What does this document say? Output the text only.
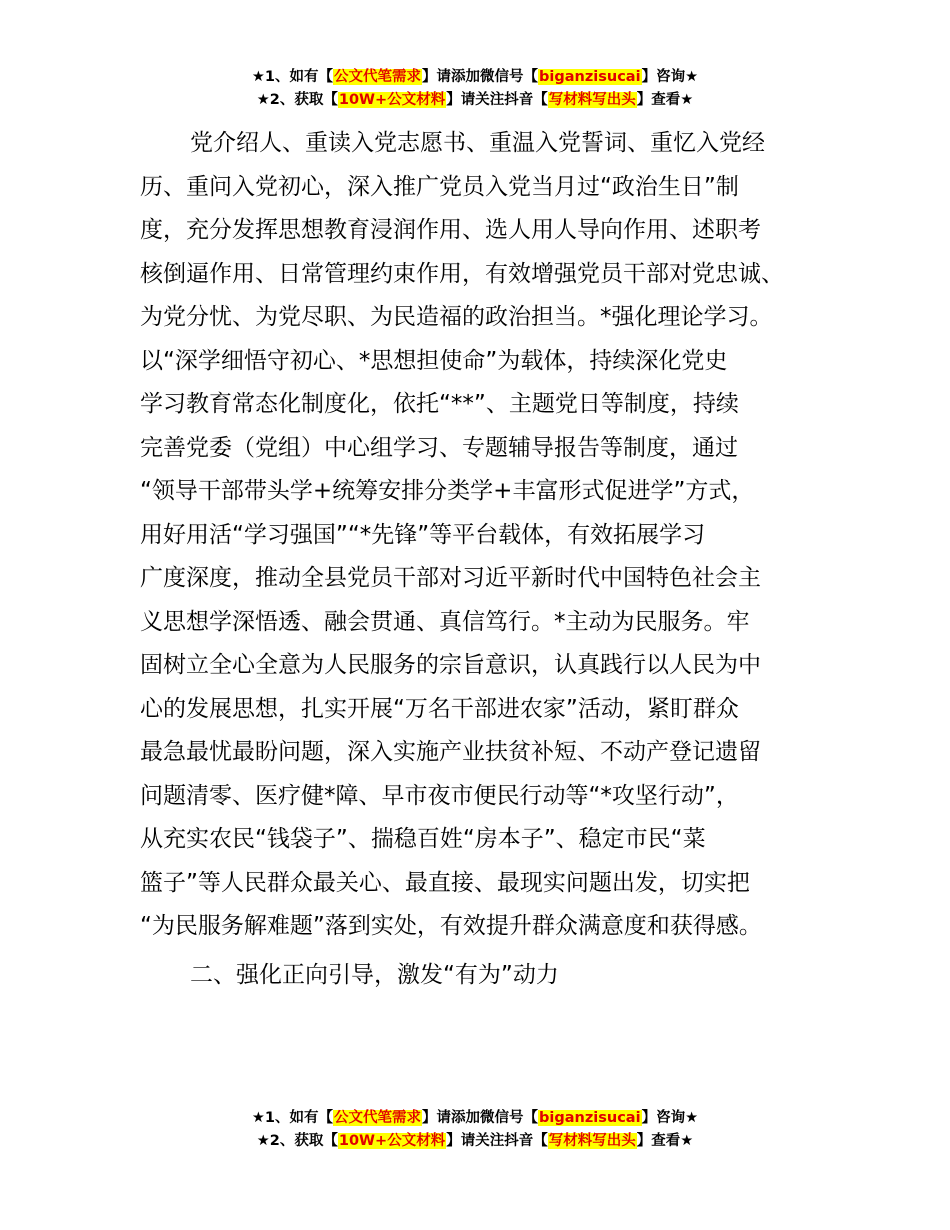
★1、如有【公文代笔需求】请添加微信号【biganzisucai】咨询★
★2、获取【10W+公文材料】请关注抖音【写材料写出头】查看★
党介绍人、重读入党志愿书、重温入党誓词、重忆入党经
历、重问入党初心，深入推广党员入党当月过“政治生日”制
度，充分发挥思想教育浸润作用、选人用人导向作用、述职考
核倒逼作用、日常管理约束作用，有效增强党员干部对党忠诚、
为党分忧、为党尽职、为民造福的政治担当。*强化理论学习。
以“深学细悟守初心、*思想担使命”为载体，持续深化党史
学习教育常态化制度化，依托“**”、主题党日等制度，持续
完善党委（党组）中心组学习、专题辅导报告等制度，通过
“领导干部带头学+统筹安排分类学+丰富形式促进学”方式，
用好用活“学习强国”“*先锋”等平台载体，有效拓展学习
广度深度，推动全县党员干部对习近平新时代中国特色社会主
义思想学深悟透、融会贯通、真信笃行。*主动为民服务。牢
固树立全心全意为人民服务的宗旨意识，认真践行以人民为中
心的发展思想，扎实开展“万名干部进农家”活动，紧盯群众
最急最忧最盼问题，深入实施产业扶贫补短、不动产登记遗留
问题清零、医疗健*障、早市夜市便民行动等“*攻坚行动”，
从充实农民“钱袋子”、揣稳百姓“房本子”、稳定市民“菜
篮子”等人民群众最关心、最直接、最现实问题出发，切实把
“为民服务解难题”落到实处，有效提升群众满意度和获得感。
二、强化正向引导，激发“有为”动力
★1、如有【公文代笔需求】请添加微信号【biganzisucai】咨询★
★2、获取【10W+公文材料】请关注抖音【写材料写出头】查看★
